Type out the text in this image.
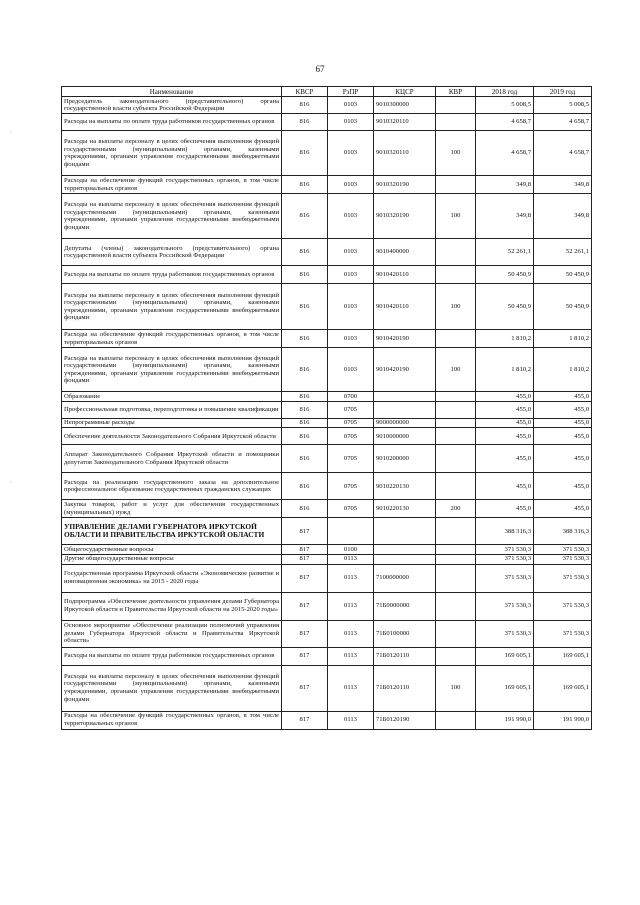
67
·
·
Наименование	КВСР	РзПР	КЦСР	КВР	2018 год	2019 год
Председатель законодательного (представительного) органа государственной власти субъекта Российской Федерации	816	0103	9010300000		5 008,5	5 008,5
Расходы на выплаты по оплате труда работников государственных органов	816	0103	9010320110		4 658,7	4 658,7
Расходы на выплаты персоналу в целях обеспечения выполнения функций государственными (муниципальными) органами, казенными учреждениями, органами управления государственными внебюджетными фондами	816	0103	9010320110	100	4 658,7	4 658,7
Расходы на обеспечение функций государственных органов, в том числе территориальных органов	816	0103	9010320190		349,8	349,8
Расходы на выплаты персоналу в целях обеспечения выполнения функций государственными (муниципальными) органами, казенными учреждениями, органами управления государственными внебюджетными фондами	816	0103	9010320190	100	349,8	349,8
Депутаты (члены) законодательного (представительного) органа государственной власти субъекта Российской Федерации	816	0103	9010400000		52 261,1	52 261,1
Расходы на выплаты по оплате труда работников государственных органов	816	0103	9010420110		50 450,9	50 450,9
Расходы на выплаты персоналу в целях обеспечения выполнения функций государственными (муниципальными) органами, казенными учреждениями, органами управления государственными внебюджетными фондами	816	0103	9010420110	100	50 450,9	50 450,9
Расходы на обеспечение функций государственных органов, в том числе территориальных органов	816	0103	9010420190		1 810,2	1 810,2
Расходы на выплаты персоналу в целях обеспечения выполнения функций государственными (муниципальными) органами, казенными учреждениями, органами управления государственными внебюджетными фондами	816	0103	9010420190	100	1 810,2	1 810,2
Образование	816	0700			455,0	455,0
Профессиональная подготовка, переподготовка и повышение квалификации	816	0705			455,0	455,0
Непрограммные расходы	816	0705	9000000000		455,0	455,0
Обеспечение деятельности Законодательного Собрания Иркутской области	816	0705	9010000000		455,0	455,0
Аппарат Законодательного Собрания Иркутской области и помощники депутатов Законодательного Собрания Иркутской области	816	0705	9010200000		455,0	455,0
Расходы на реализацию государственного заказа на дополнительное профессиональное образование государственных гражданских служащих	816	0705	9010220130		455,0	455,0
Закупка товаров, работ и услуг для обеспечения государственных (муниципальных) нужд	816	0705	9010220130	200	455,0	455,0
УПРАВЛЕНИЕ ДЕЛАМИ ГУБЕРНАТОРА ИРКУТСКОЙ ОБЛАСТИ И ПРАВИТЕЛЬСТВА ИРКУТСКОЙ ОБЛАСТИ	817				388 316,3	388 316,3
Общегосударственные вопросы	817	0100			371 530,3	371 530,3
Другие общегосударственные вопросы	817	0113			371 530,3	371 530,3
Государственная программа Иркутской области «Экономическое развитие и инновационная экономика» на 2015 - 2020 годы	817	0113	7100000000		371 530,3	371 530,3
Подпрограмма «Обеспечение деятельности управления делами Губернатора Иркутской области и Правительства Иркутской области на 2015-2020 годы»	817	0113	71Б0000000		371 530,3	371 530,3
Основное мероприятие «Обеспечение реализации полномочий управления делами Губернатора Иркутской области и Правительства Иркутской области»	817	0113	71Б0100000		371 530,3	371 530,3
Расходы на выплаты по оплате труда работников государственных органов	817	0113	71Б0120110		169 605,1	169 605,1
Расходы на выплаты персоналу в целях обеспечения выполнения функций государственными (муниципальными) органами, казенными учреждениями, органами управления государственными внебюджетными фондами	817	0113	71Б0120110	100	169 605,1	169 605,1
Расходы на обеспечение функций государственных органов, в том числе территориальных органов	817	0113	71Б0120190		191 990,0	191 990,0
